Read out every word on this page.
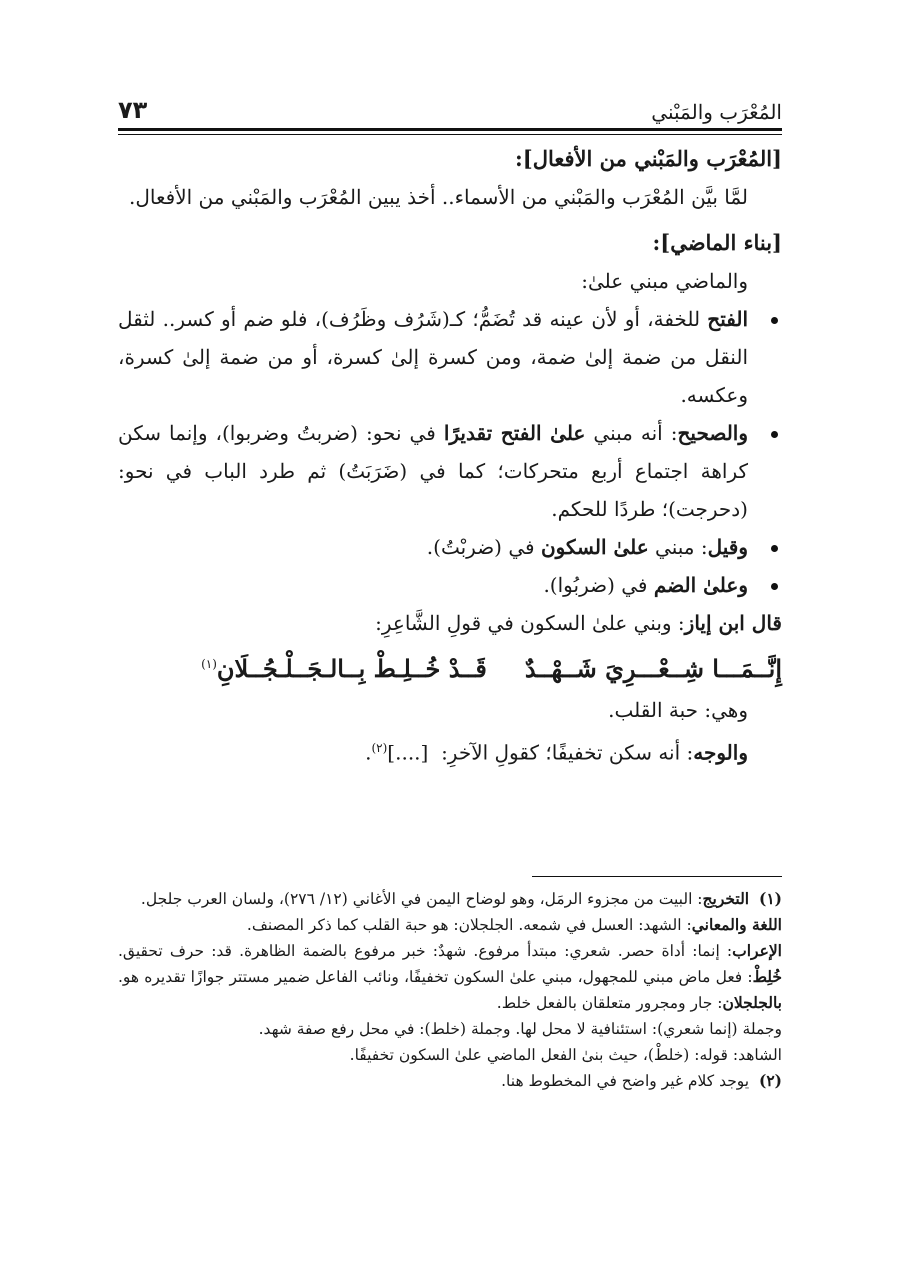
المُعْرَب والمَبْني
٧٣

[المُعْرَب والمَبْني من الأفعال]:

لمَّا بيَّن المُعْرَب والمَبْني من الأسماء.. أخذ يبين المُعْرَب والمَبْني من الأفعال.

[بناء الماضي]:

والماضي مبني علىٰ:

الفتح للخفة، أو لأن عينه قد تُضَمُّ؛ كـ(شَرُف وظَرُف)، فلو ضم أو كسر.. لثقل النقل من ضمة إلىٰ ضمة، ومن كسرة إلىٰ كسرة، أو من ضمة إلىٰ كسرة، وعكسه.
والصحيح: أنه مبني علىٰ الفتح تقديرًا في نحو: (ضربتُ وضربوا)، وإنما سكن كراهة اجتماع أربع متحركات؛ كما في (ضَرَبَتُ) ثم طرد الباب في نحو: (دحرجت)؛ طردًا للحكم.
وقيل: مبني علىٰ السكون في (ضربْتُ).
وعلىٰ الضم في (ضربُوا).

قال ابن إياز: وبني علىٰ السكون في قولِ الشَّاعِرِ:

إِنَّــمَـــا شِــعْـــرِيَ شَــهْــدٌقَــدْ خُــلِـطْ بِــالـجَــلْـجُــلَانِ$^{(١)}$

وهي: حبة القلب.

والوجه: أنه سكن تخفيفًا؛ كقولِ الآخرِ:  [....]$^{(٢)}$.

(١)  التخريج: البيت من مجزوء الرمَل، وهو لوضاح اليمن في الأغاني (١٢/ ٢٧٦)، ولسان العرب جلجل.

اللغة والمعاني: الشهد: العسل في شمعه. الجلجلان: هو حبة القلب كما ذكر المصنف.

الإعراب: إنما: أداة حصر. شعري: مبتدأ مرفوع. شهدٌ: خبر مرفوع بالضمة الظاهرة. قد: حرف تحقيق. خُلِطْ: فعل ماض مبني للمجهول، مبني علىٰ السكون تخفيفًا، ونائب الفاعل ضمير مستتر جوازًا تقديره هو. بالجلجلان: جار ومجرور متعلقان بالفعل خلط.

وجملة (إنما شعري): استئنافية لا محل لها. وجملة (خلط): في محل رفع صفة شهد.

الشاهد: قوله: (خلطْ)، حيث بنىٰ الفعل الماضي علىٰ السكون تخفيفًا.

(٢)  يوجد كلام غير واضح في المخطوط هنا.
